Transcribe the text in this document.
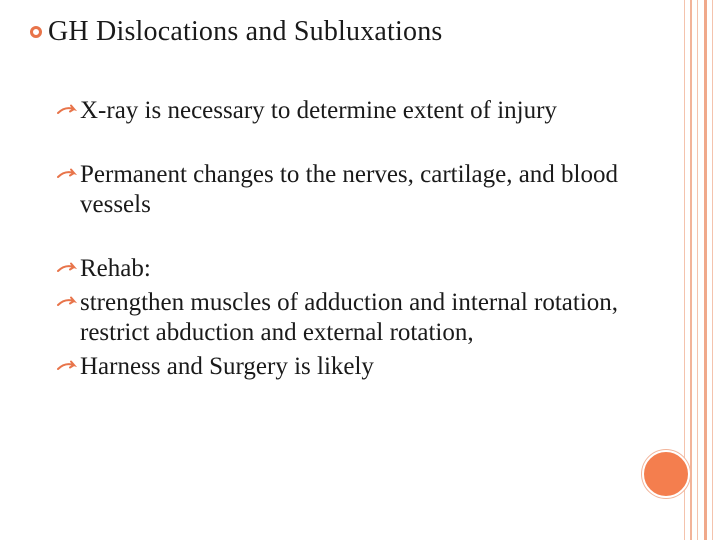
GH Dislocations and Subluxations
X-ray is necessary to determine extent of injury
Permanent changes to the nerves, cartilage, and blood vessels
Rehab:
strengthen muscles of adduction and internal rotation, restrict abduction and external rotation,
Harness and Surgery is likely
